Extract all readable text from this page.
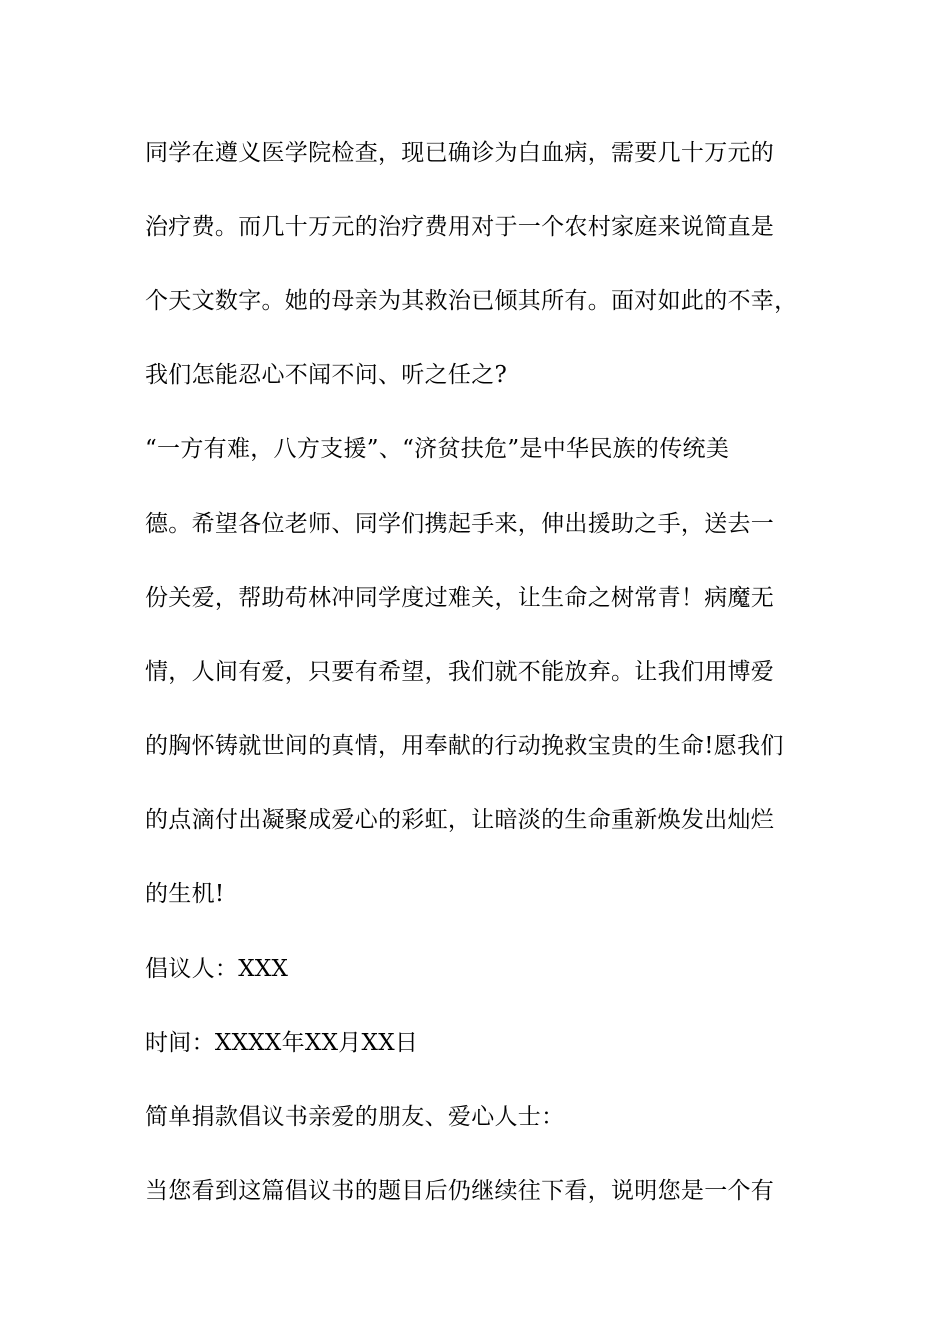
同学在遵义医学院检查，现已确诊为白血病，需要几十万元的
治疗费。而几十万元的治疗费用对于一个农村家庭来说简直是
个天文数字。她的母亲为其救治已倾其所有。面对如此的不幸，
我们怎能忍心不闻不问、听之任之?
“一方有难，八方支援”、“济贫扶危”是中华民族的传统美
德。希望各位老师、同学们携起手来，伸出援助之手，送去一
份关爱，帮助苟林冲同学度过难关，让生命之树常青！病魔无
情，人间有爱，只要有希望，我们就不能放弃。让我们用博爱
的胸怀铸就世间的真情，用奉献的行动挽救宝贵的生命!愿我们
的点滴付出凝聚成爱心的彩虹，让暗淡的生命重新焕发出灿烂
的生机!
倡议人：XXX
时间：XXXX年XX月XX日
简单捐款倡议书亲爱的朋友、爱心人士：
当您看到这篇倡议书的题目后仍继续往下看，说明您是一个有
